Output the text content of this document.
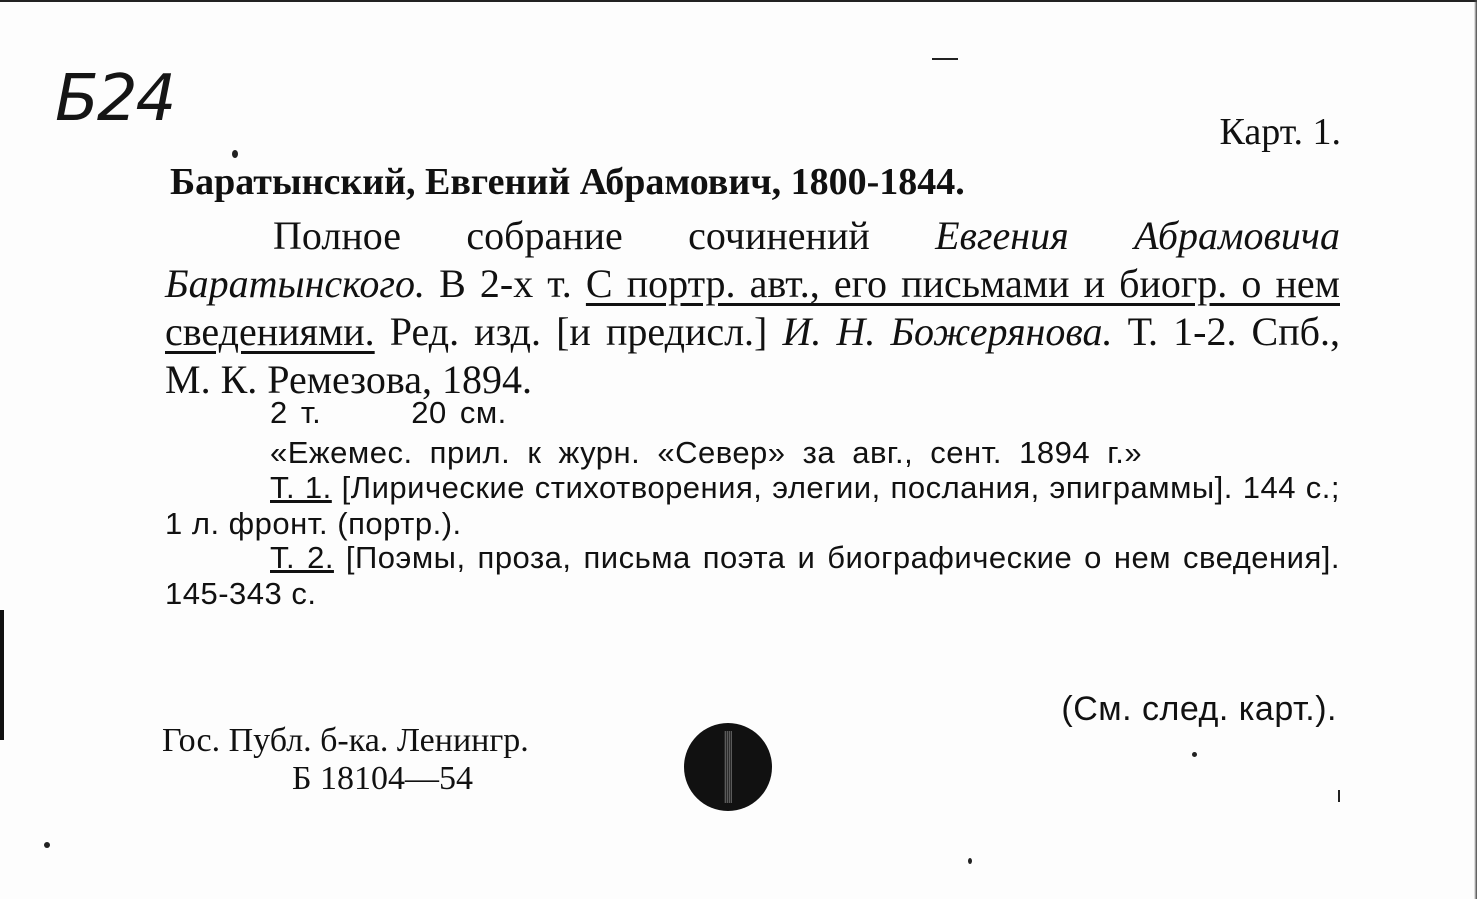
Б24	Карт. 1.
Баратынский, Евгений Абрамович, 1800-1844.
Полное собрание сочинений Евгения Абрамовича Баратынского. В 2-х т. С портр. авт., его письмами и биогр. о нем сведениями. Ред. изд. [и предисл.] И. Н. Божерянова. Т. 1-2. Спб., М. К. Ремезова, 1894.
2 т.	20 см.
«Ежемес. прил. к журн. «Север» за авг., сент. 1894 г.»
Т. 1. [Лирические стихотворения, элегии, послания, эпиграммы]. 144 с.; 1 л. фронт. (портр.).
Т. 2. [Поэмы, проза, письма поэта и биографические о нем сведения]. 145-343 с.
(См. след. карт.).
Гос. Публ. б-ка. Ленингр.
Б 18104—54
